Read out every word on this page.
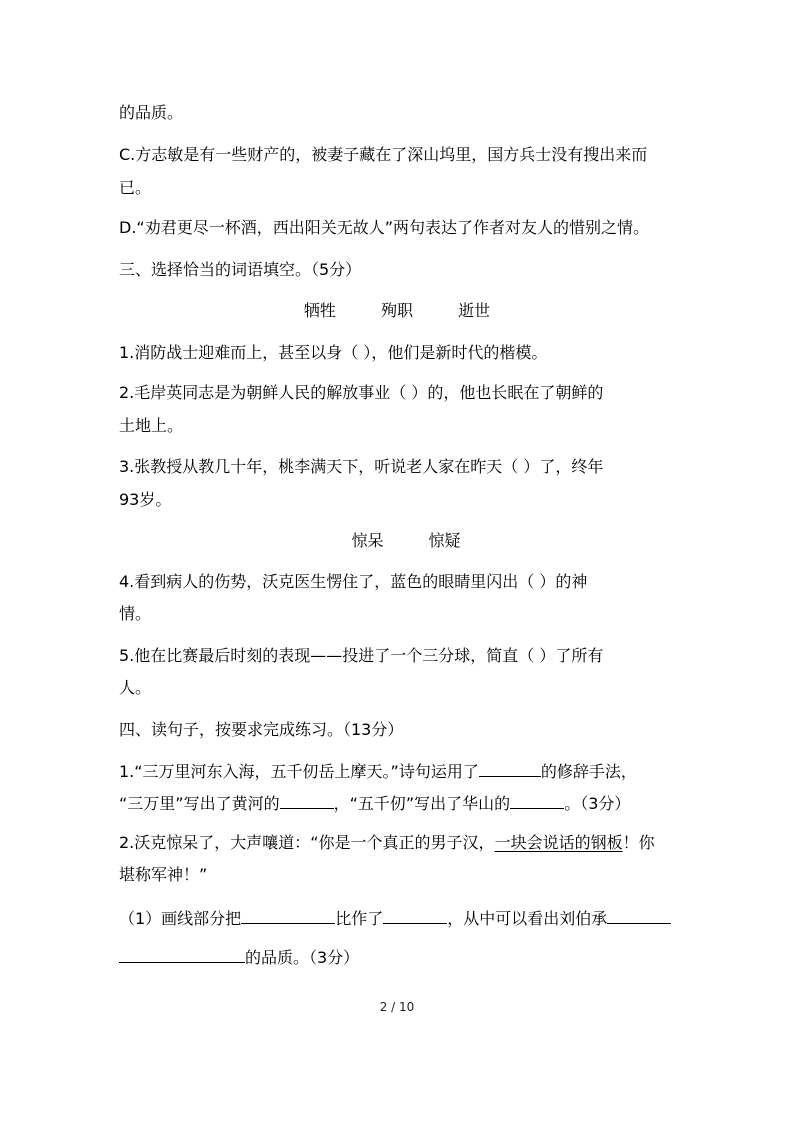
的品质。
C.方志敏是有一些财产的，被妻子藏在了深山坞里，国方兵士没有搜出来而
已。
D.“劝君更尽一杯酒，西出阳关无故人”两句表达了作者对友人的惜别之情。
三、选择恰当的词语填空。（5分）
牺牲	殉职	逝世
1.消防战士迎难而上，甚至以身（ ），他们是新时代的楷模。
2.毛岸英同志是为朝鲜人民的解放事业（ ）的，他也长眠在了朝鲜的
土地上。
3.张教授从教几十年，桃李满天下，听说老人家在昨天（ ）了，终年
93岁。
惊呆	惊疑
4.看到病人的伤势，沃克医生愣住了，蓝色的眼睛里闪出（ ）的神
情。
5.他在比赛最后时刻的表现——投进了一个三分球，简直（ ）了所有
人。
四、读句子，按要求完成练习。（13分）
1.“三万里河东入海，五千仞岳上摩天。”诗句运用了	的修辞手法，
“三万里”写出了黄河的	，“五千仞”写出了华山的	。（3分）
2.沃克惊呆了，大声嚷道：“你是一个真正的男子汉，一块会说话的钢板！你
堪称军神！”
（1）画线部分把	比作了	，从中可以看出刘伯承
的品质。（3分）
2 / 10
